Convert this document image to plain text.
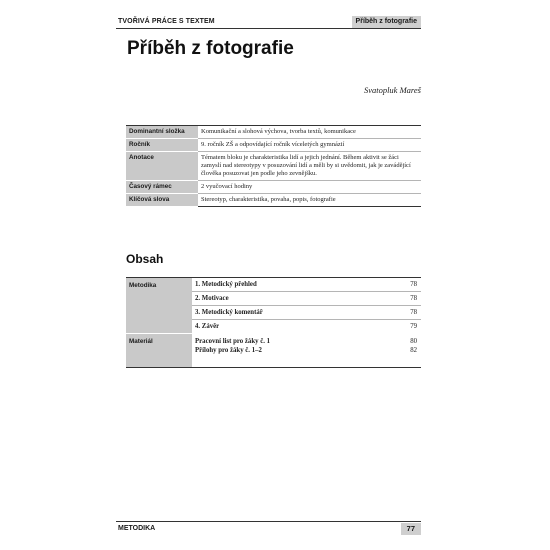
TVOŘIVÁ PRÁCE S TEXTEM	Příběh z fotografie
Příběh z fotografie
Svatopluk Mareš
Dominantní složka	Komunikační a slohová výchova, tvorba textů, komunikace
Ročník	9. ročník ZŠ a odpovídající ročník víceletých gymnázií
Anotace	Tématem bloku je charakteristika lidí a jejich jednání. Během aktivit se žáci zamyslí nad stereotypy v posuzování lidí a měli by si uvědomit, jak je zavádějící člověka posuzovat jen podle jeho zevnějšku.
Časový rámec	2 vyučovací hodiny
Klíčová slova	Stereotyp, charakteristika, povaha, popis, fotografie
Obsah
Metodika	1. Metodický přehled	78
2. Motivace	78
3. Metodický komentář	78
4. Závěr	79
Materiál	Pracovní list pro žáky č. 1	80
Přílohy pro žáky č. 1–2	82
METODIKA	77
